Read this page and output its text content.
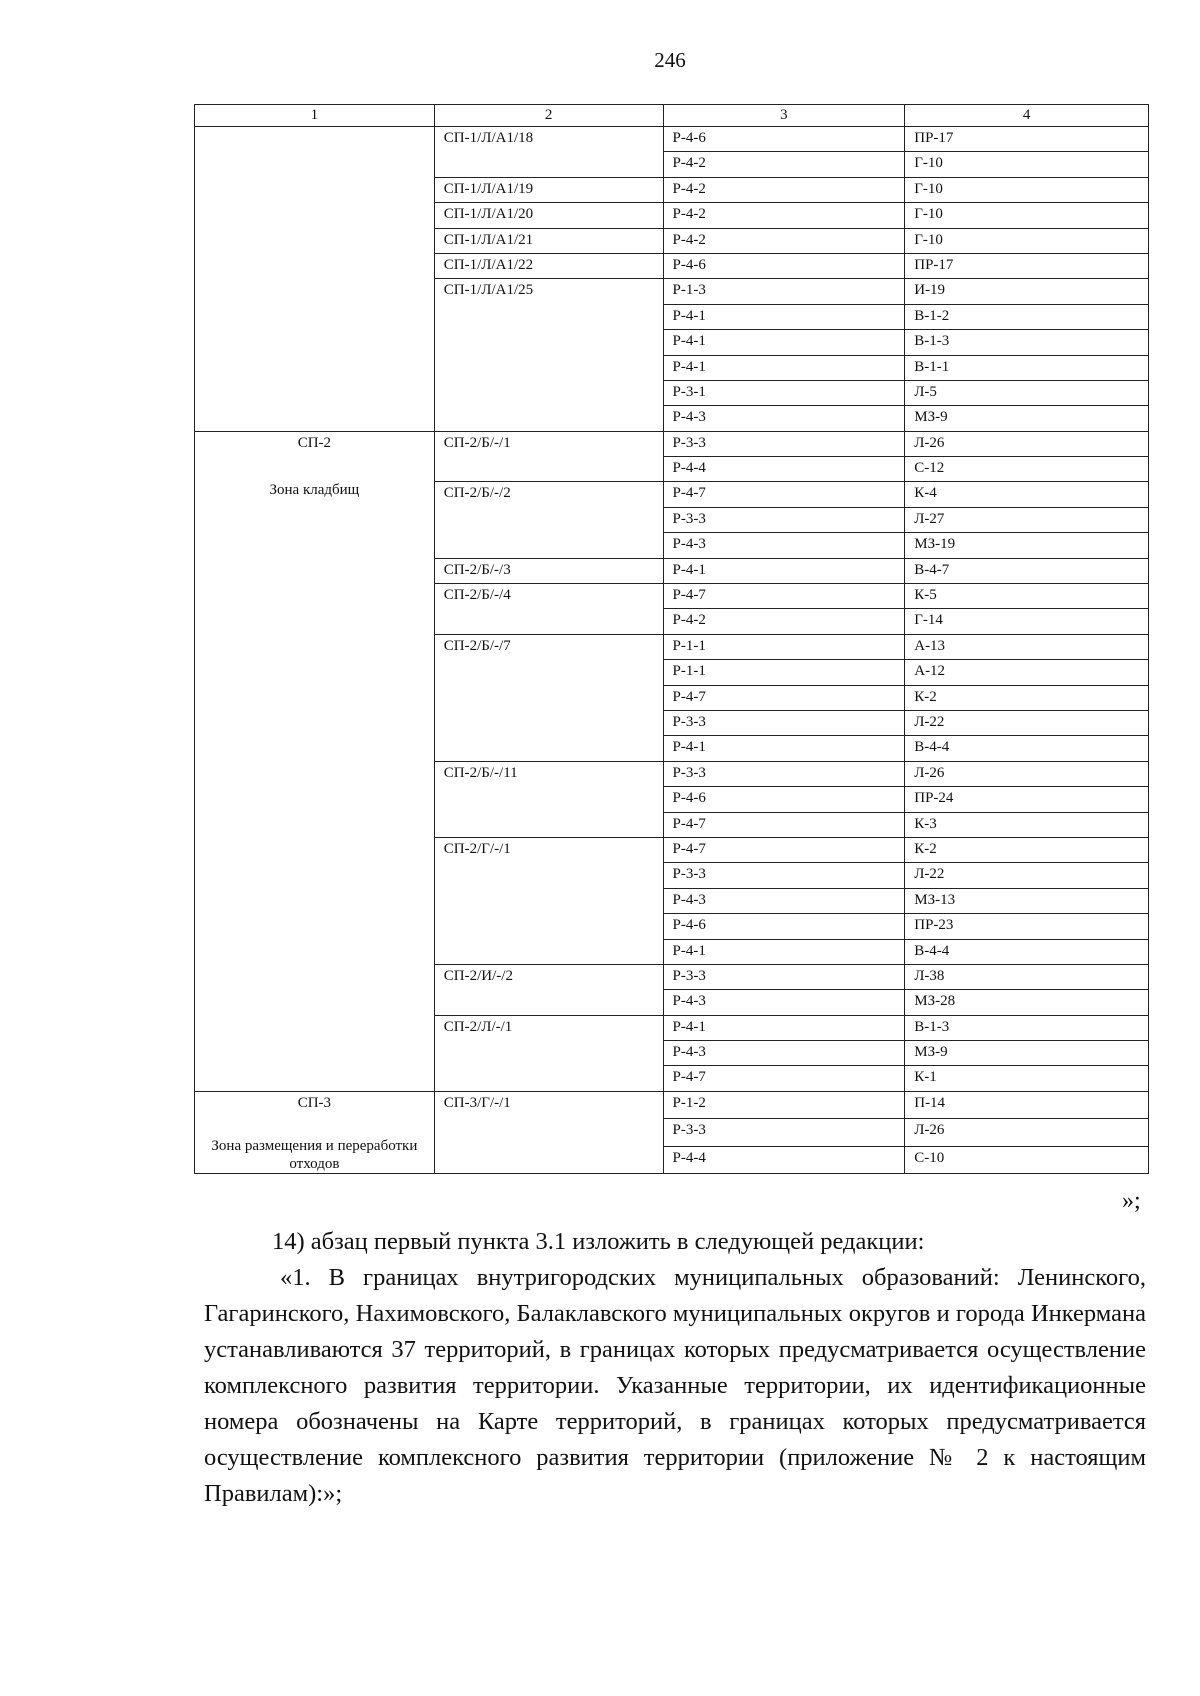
246
1	2	3	4

	СП-1/Л/А1/18	Р-4-6	ПР-17
		Р-4-2	Г-10
	СП-1/Л/А1/19	Р-4-2	Г-10
	СП-1/Л/А1/20	Р-4-2	Г-10
	СП-1/Л/А1/21	Р-4-2	Г-10
	СП-1/Л/А1/22	Р-4-6	ПР-17
	СП-1/Л/А1/25	Р-1-3	И-19
		Р-4-1	В-1-2
		Р-4-1	В-1-3
		Р-4-1	В-1-1
		Р-3-1	Л-5
		Р-4-3	МЗ-9
СП-2
Зона кладбищ	СП-2/Б/-/1	Р-3-3	Л-26
		Р-4-4	С-12
	СП-2/Б/-/2	Р-4-7	К-4
		Р-3-3	Л-27
		Р-4-3	МЗ-19
	СП-2/Б/-/3	Р-4-1	В-4-7
	СП-2/Б/-/4	Р-4-7	К-5
		Р-4-2	Г-14
	СП-2/Б/-/7	Р-1-1	А-13
		Р-1-1	А-12
		Р-4-7	К-2
		Р-3-3	Л-22
		Р-4-1	В-4-4
	СП-2/Б/-/11	Р-3-3	Л-26
		Р-4-6	ПР-24
		Р-4-7	К-3
	СП-2/Г/-/1	Р-4-7	К-2
		Р-3-3	Л-22
		Р-4-3	МЗ-13
		Р-4-6	ПР-23
		Р-4-1	В-4-4
	СП-2/И/-/2	Р-3-3	Л-38
		Р-4-3	МЗ-28
	СП-2/Л/-/1	Р-4-1	В-1-3
		Р-4-3	МЗ-9
		Р-4-7	К-1
СП-3
Зона размещения и переработки отходов	СП-3/Г/-/1	Р-1-2	П-14
		Р-3-3	Л-26
		Р-4-4	С-10
»;

14) абзац первый пункта 3.1 изложить в следующей редакции:

«1. В границах внутригородских муниципальных образований: Ленинского, Гагаринского, Нахимовского, Балаклавского муниципальных округов и города Инкермана устанавливаются 37 территорий, в границах которых предусматривается осуществление комплексного развития территории. Указанные территории, их идентификационные номера обозначены на Карте территорий, в границах которых предусматривается осуществление комплексного развития территории (приложение № 2 к настоящим Правилам):»;
